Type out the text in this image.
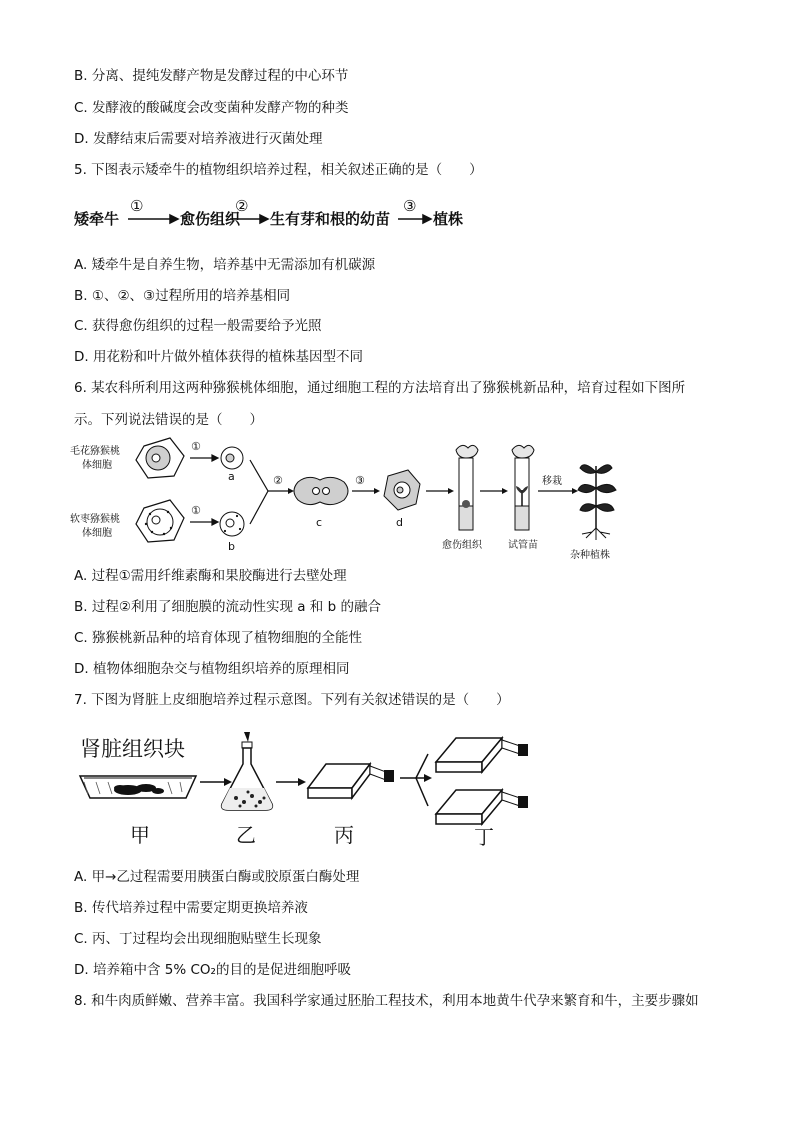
B. 分离、提纯发酵产物是发酵过程的中心环节
C. 发酵液的酸碱度会改变菌种发酵产物的种类
D. 发酵结束后需要对培养液进行灭菌处理
5. 下图表示矮牵牛的植物组织培养过程，相关叙述正确的是（　　）
矮牵牛
①
愈伤组织
②
生有芽和根的幼苗
③
植株
A. 矮牵牛是自养生物，培养基中无需添加有机碳源
B. ①、②、③过程所用的培养基相同
C. 获得愈伤组织的过程一般需要给予光照
D. 用花粉和叶片做外植体获得的植株基因型不同
6. 某农科所利用这两种猕猴桃体细胞，通过细胞工程的方法培育出了猕猴桃新品种，培育过程如下图所
示。下列说法错误的是（　　）
毛花猕猴桃
体细胞
软枣猕猴桃
体细胞
①
①
a
b
②
c
③
d
愈伤组织	试管苗
移栽
杂种植株
A. 过程①需用纤维素酶和果胶酶进行去壁处理
B. 过程②利用了细胞膜的流动性实现 a 和 b 的融合
C. 猕猴桃新品种的培育体现了植物细胞的全能性
D. 植物体细胞杂交与植物组织培养的原理相同
7. 下图为肾脏上皮细胞培养过程示意图。下列有关叙述错误的是（　　）
肾脏组织块
甲	乙	丙	丁
A. 甲→乙过程需要用胰蛋白酶或胶原蛋白酶处理
B. 传代培养过程中需要定期更换培养液
C. 丙、丁过程均会出现细胞贴壁生长现象
D. 培养箱中含 5% CO₂的目的是促进细胞呼吸
8. 和牛肉质鲜嫩、营养丰富。我国科学家通过胚胎工程技术，利用本地黄牛代孕来繁育和牛，主要步骤如
